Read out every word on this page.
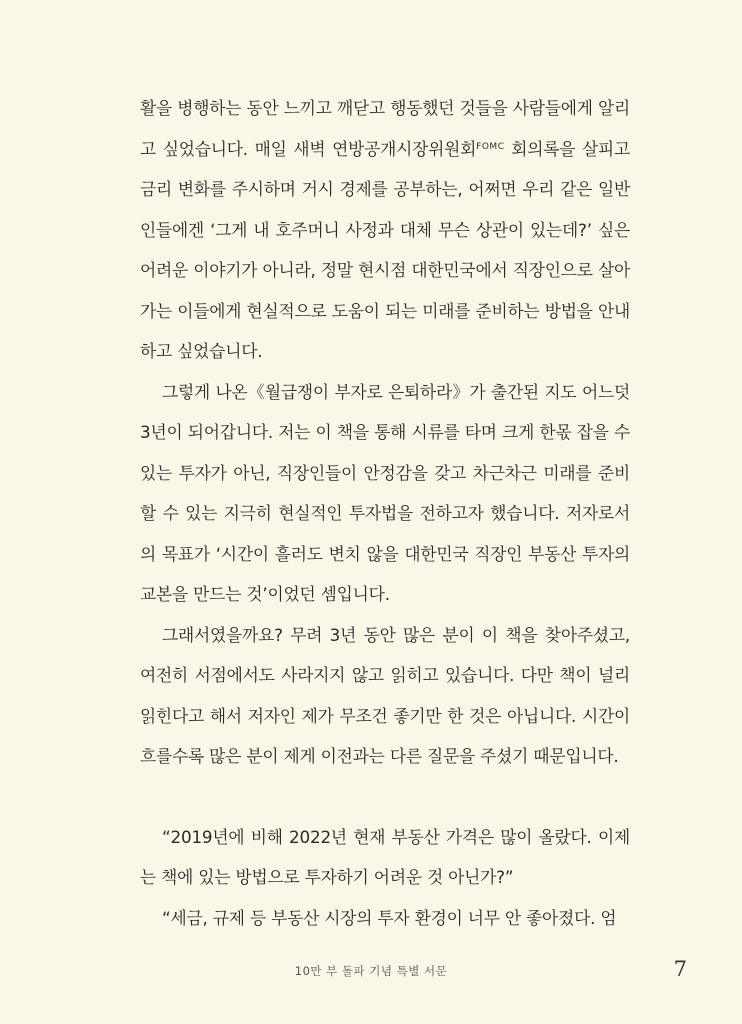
활을 병행하는 동안 느끼고 깨닫고 행동했던 것들을 사람들에게 알리고 싶었습니다. 매일 새벽 연방공개시장위원회$^{FOMC}$ 회의록을 살피고 금리 변화를 주시하며 거시 경제를 공부하는, 어쩌면 우리 같은 일반인들에겐 ‘그게 내 호주머니 사정과 대체 무슨 상관이 있는데?’ 싶은 어려운 이야기가 아니라, 정말 현시점 대한민국에서 직장인으로 살아가는 이들에게 현실적으로 도움이 되는 미래를 준비하는 방법을 안내하고 싶었습니다.

그렇게 나온《월급쟁이 부자로 은퇴하라》가 출간된 지도 어느덧 3년이 되어갑니다. 저는 이 책을 통해 시류를 타며 크게 한몫 잡을 수 있는 투자가 아닌, 직장인들이 안정감을 갖고 차근차근 미래를 준비할 수 있는 지극히 현실적인 투자법을 전하고자 했습니다. 저자로서의 목표가 ‘시간이 흘러도 변치 않을 대한민국 직장인 부동산 투자의 교본을 만드는 것’이었던 셈입니다.

그래서였을까요? 무려 3년 동안 많은 분이 이 책을 찾아주셨고, 여전히 서점에서도 사라지지 않고 읽히고 있습니다. 다만 책이 널리 읽힌다고 해서 저자인 제가 무조건 좋기만 한 것은 아닙니다. 시간이 흐를수록 많은 분이 제게 이전과는 다른 질문을 주셨기 때문입니다.

“2019년에 비해 2022년 현재 부동산 가격은 많이 올랐다. 이제는 책에 있는 방법으로 투자하기 어려운 것 아닌가?”

“세금, 규제 등 부동산 시장의 투자 환경이 너무 안 좋아졌다. 엄

10만 부 돌파 기념 특별 서문	7
